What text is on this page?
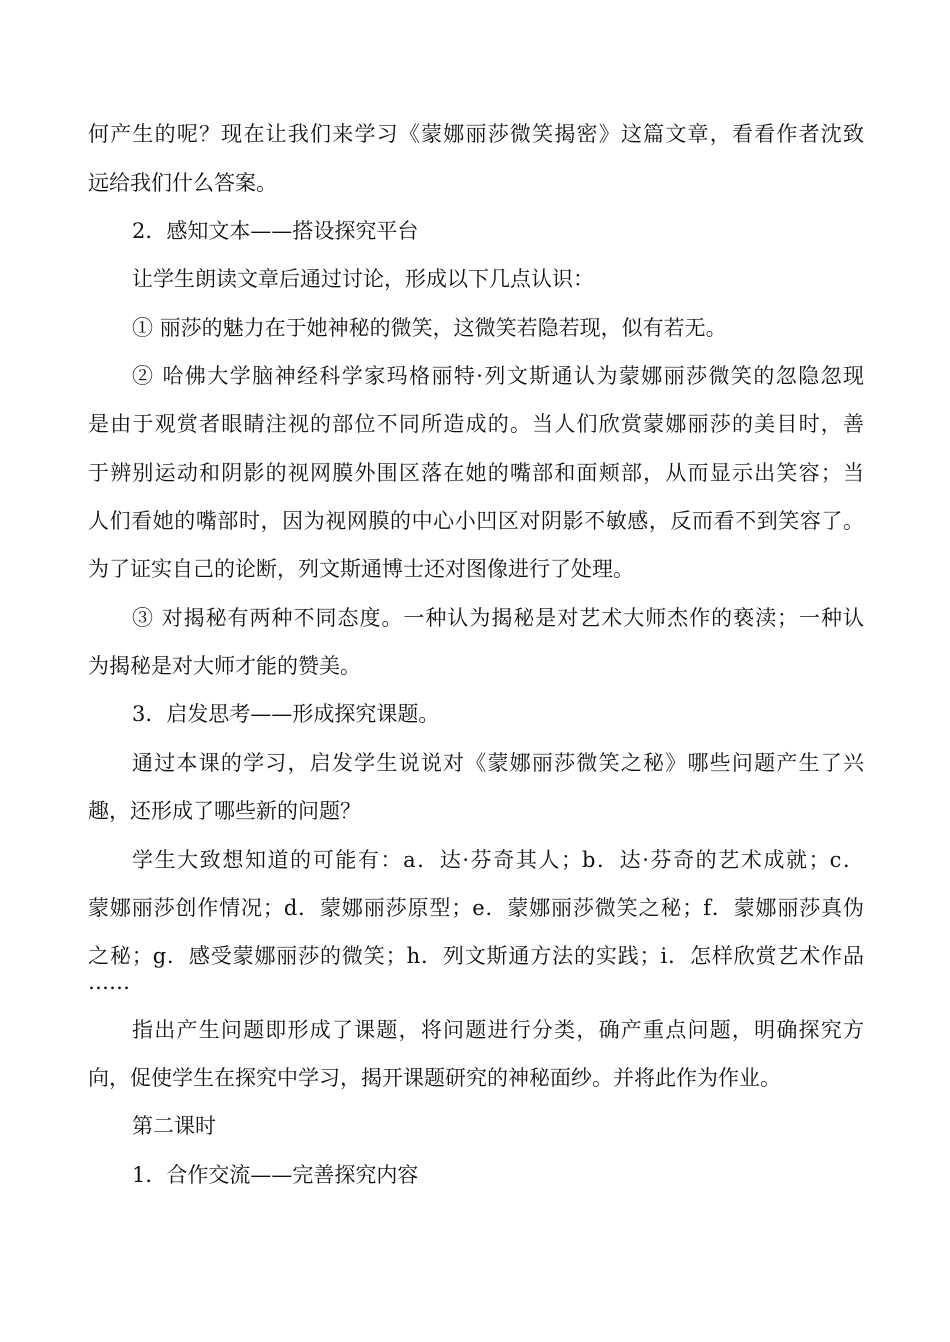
何产生的呢？现在让我们来学习《蒙娜丽莎微笑揭密》这篇文章，看看作者沈致
远给我们什么答案。
2．感知文本——搭设探究平台
让学生朗读文章后通过讨论，形成以下几点认识：
① 丽莎的魅力在于她神秘的微笑，这微笑若隐若现，似有若无。
② 哈佛大学脑神经科学家玛格丽特·列文斯通认为蒙娜丽莎微笑的忽隐忽现
是由于观赏者眼睛注视的部位不同所造成的。当人们欣赏蒙娜丽莎的美目时，善
于辨别运动和阴影的视网膜外围区落在她的嘴部和面颊部，从而显示出笑容；当
人们看她的嘴部时，因为视网膜的中心小凹区对阴影不敏感，反而看不到笑容了。
为了证实自己的论断，列文斯通博士还对图像进行了处理。
③ 对揭秘有两种不同态度。一种认为揭秘是对艺术大师杰作的亵渎；一种认
为揭秘是对大师才能的赞美。
3．启发思考——形成探究课题。
通过本课的学习，启发学生说说对《蒙娜丽莎微笑之秘》哪些问题产生了兴
趣，还形成了哪些新的问题？
学生大致想知道的可能有：a．达·芬奇其人；b．达·芬奇的艺术成就；c．
蒙娜丽莎创作情况；d．蒙娜丽莎原型；e．蒙娜丽莎微笑之秘；f．蒙娜丽莎真伪
之秘；g．感受蒙娜丽莎的微笑；h．列文斯通方法的实践；i．怎样欣赏艺术作品
……
指出产生问题即形成了课题，将问题进行分类，确产重点问题，明确探究方
向，促使学生在探究中学习，揭开课题研究的神秘面纱。并将此作为作业。
第二课时
1．合作交流——完善探究内容
